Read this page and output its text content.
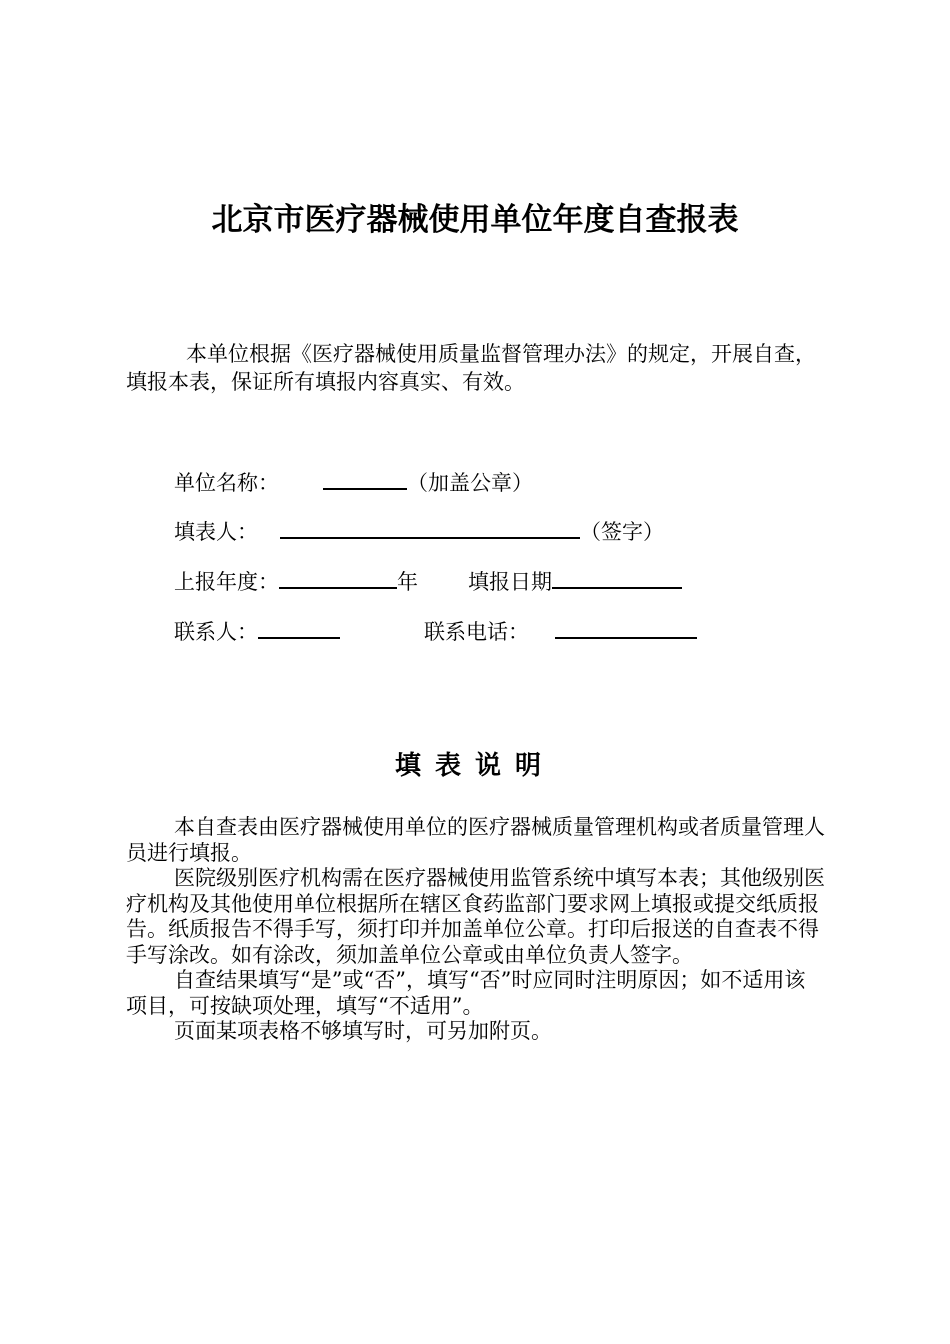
北京市医疗器械使用单位年度自查报表
本单位根据《医疗器械使用质量监督管理办法》的规定，开展自查，填报本表，保证所有填报内容真实、有效。
单位名称：	（加盖公章）
填表人：	（签字）
上报年度：	年 填报日期
联系人：	联系电话：
填表说明

本自查表由医疗器械使用单位的医疗器械质量管理机构或者质量管理人员进行填报。

医院级别医疗机构需在医疗器械使用监管系统中填写本表；其他级别医疗机构及其他使用单位根据所在辖区食药监部门要求网上填报或提交纸质报告。纸质报告不得手写，须打印并加盖单位公章。打印后报送的自查表不得手写涂改。如有涂改，须加盖单位公章或由单位负责人签字。

自查结果填写“是”或“否”，填写“否”时应同时注明原因；如不适用该项目，可按缺项处理，填写“不适用”。

页面某项表格不够填写时，可另加附页。
